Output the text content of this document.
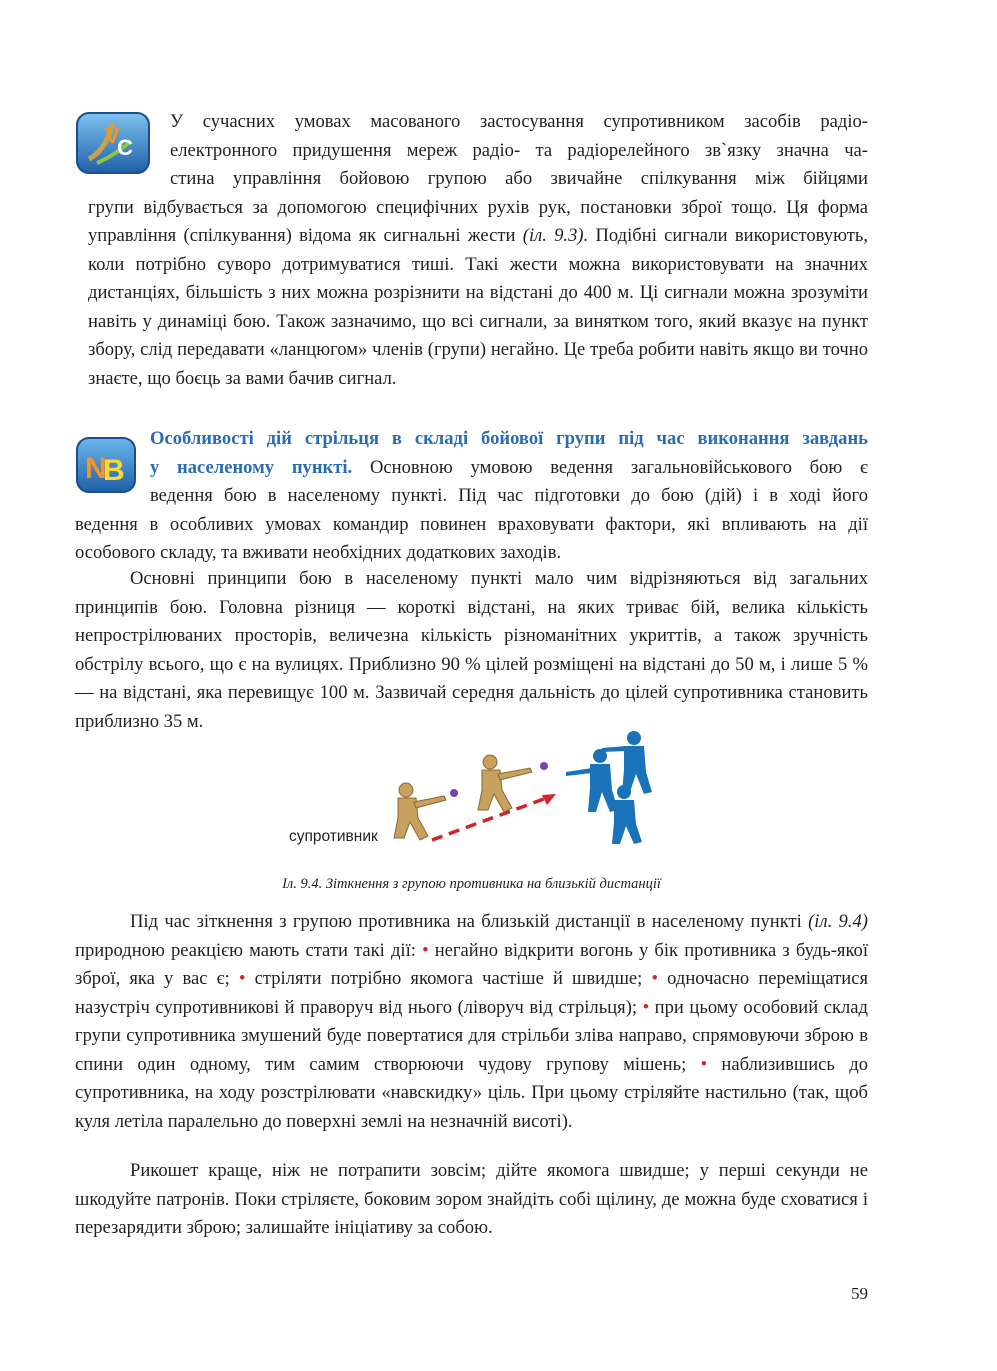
V
C
У сучасних умовах масованого застосування супротивником засобів радіо-
електронного придушення мереж радіо- та радіорелейного зв`язку значна ча-
стина управління бойовою групою або звичайне спілкування між бійцями
групи відбувається за допомогою специфічних рухів рук, постановки зброї тощо. Ця форма управління (спілкування) відома як сигнальні жести (іл. 9.3). Подібні сигнали використовують, коли потрібно суворо дотримуватися тиші. Такі жести можна використовувати на значних дистанціях, більшість з них можна розрізнити на відстані до 400 м. Ці сигнали можна зрозуміти навіть у динаміці бою. Також зазначимо, що всі сигнали, за винятком того, який вказує на пункт збору, слід передавати «ланцюгом» членів (групи) негайно. Це треба робити навіть якщо ви точно знаєте, що боєць за вами бачив сигнал.
N
B
Особливості дій стрільця в складі бойової групи під час виконання завдань
у населеному пункті. Основною умовою ведення загальновійськового бою є
ведення бою в населеному пункті. Під час підготовки до бою (дій) і в ході його
ведення в особливих умовах командир повинен враховувати фактори, які впливають на дії особового складу, та вживати необхідних додаткових заходів.
Основні принципи бою в населеному пункті мало чим відрізняються від загальних принципів бою. Головна різниця — короткі відстані, на яких триває бій, велика кількість непрострілюваних просторів, величезна кількість різноманітних укриттів, а також зручність обстрілу всього, що є на вулицях. Приблизно 90 % цілей розміщені на відстані до 50 м, і лише 5 % — на відстані, яка перевищує 100 м. Зазвичай середня дальність до цілей супротивника становить приблизно 35 м.
супротивник
Іл. 9.4. Зіткнення з групою противника на близькій дистанції
Під час зіткнення з групою противника на близькій дистанції в населеному пункті (іл. 9.4) природною реакцією мають стати такі дії: • негайно відкрити вогонь у бік противника з будь-якої зброї, яка у вас є; • стріляти потрібно якомога частіше й швидше; • одночасно переміщатися назустріч супротивникові й праворуч від нього (ліворуч від стрільця); • при цьому особовий склад групи супротивника змушений буде повертатися для стрільби зліва направо, спрямовуючи зброю в спини один одному, тим самим створюючи чудову групову мішень; • наблизившись до супротивника, на ходу розстрілювати «навскидку» ціль. При цьому стріляйте настильно (так, щоб куля летіла паралельно до поверхні землі на незначній висоті).
Рикошет краще, ніж не потрапити зовсім; дійте якомога швидше; у перші секунди не шкодуйте патронів. Поки стріляєте, боковим зором знайдіть собі щілину, де можна буде сховатися і перезарядити зброю; залишайте ініціативу за собою.
59
